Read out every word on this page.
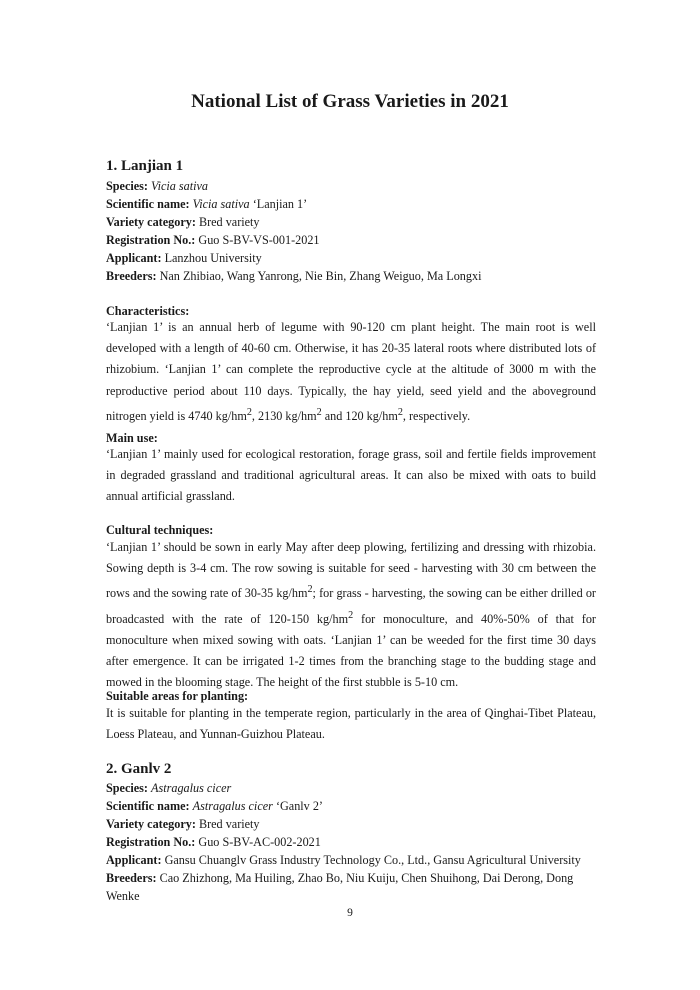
National List of Grass Varieties in 2021
1. Lanjian 1
Species: Vicia sativa
Scientific name: Vicia sativa ‘Lanjian 1’
Variety category: Bred variety
Registration No.: Guo S-BV-VS-001-2021
Applicant: Lanzhou University
Breeders: Nan Zhibiao, Wang Yanrong, Nie Bin, Zhang Weiguo, Ma Longxi
Characteristics:
‘Lanjian 1’ is an annual herb of legume with 90-120 cm plant height. The main root is well developed with a length of 40-60 cm. Otherwise, it has 20-35 lateral roots where distributed lots of rhizobium. ‘Lanjian 1’ can complete the reproductive cycle at the altitude of 3000 m with the reproductive period about 110 days. Typically, the hay yield, seed yield and the aboveground nitrogen yield is 4740 $kg/hm^2$, 2130 $kg/hm^2$ and 120 $kg/hm^2$, respectively.
Main use:
‘Lanjian 1’ mainly used for ecological restoration, forage grass, soil and fertile fields improvement in degraded grassland and traditional agricultural areas. It can also be mixed with oats to build annual artificial grassland.
Cultural techniques:
‘Lanjian 1’ should be sown in early May after deep plowing, fertilizing and dressing with rhizobia. Sowing depth is 3-4 cm. The row sowing is suitable for seed - harvesting with 30 cm between the rows and the sowing rate of 30-35 $kg/hm^2$; for grass - harvesting, the sowing can be either drilled or broadcasted with the rate of 120-150 $kg/hm^2$ for monoculture, and 40%-50% of that for monoculture when mixed sowing with oats. ‘Lanjian 1’ can be weeded for the first time 30 days after emergence. It can be irrigated 1-2 times from the branching stage to the budding stage and mowed in the blooming stage. The height of the first stubble is 5-10 cm.
Suitable areas for planting:
It is suitable for planting in the temperate region, particularly in the area of Qinghai-Tibet Plateau, Loess Plateau, and Yunnan-Guizhou Plateau.
2. Ganlv 2
Species: Astragalus cicer
Scientific name: Astragalus cicer ‘Ganlv 2’
Variety category: Bred variety
Registration No.: Guo S-BV-AC-002-2021
Applicant: Gansu Chuanglv Grass Industry Technology Co., Ltd., Gansu Agricultural University
Breeders: Cao Zhizhong, Ma Huiling, Zhao Bo, Niu Kuiju, Chen Shuihong, Dai Derong, Dong Wenke
9
